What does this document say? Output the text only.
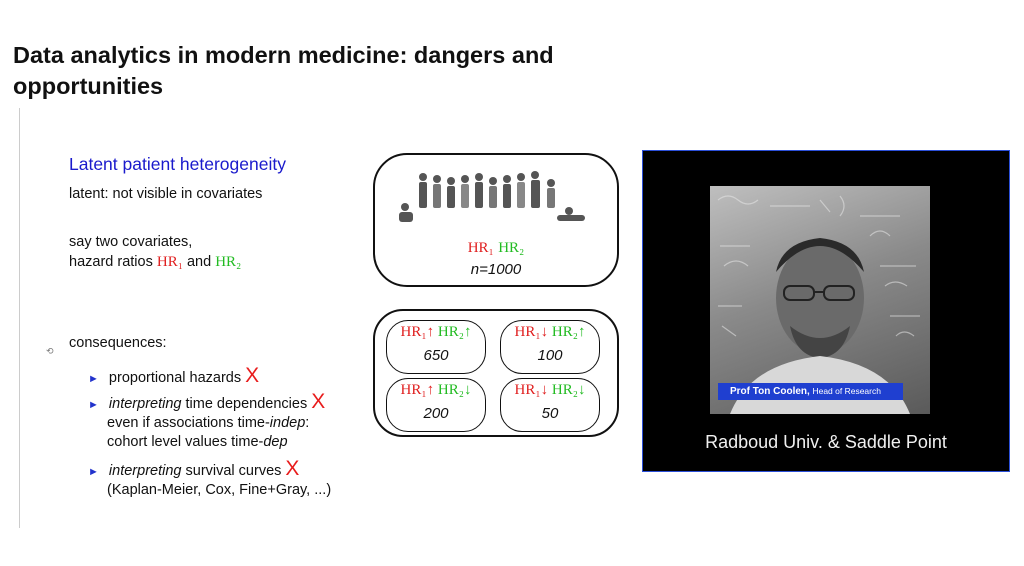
Data analytics in modern medicine: dangers and
opportunities
Latent patient heterogeneity
latent: not visible in covariates
say two covariates,
hazard ratios HR₁ and HR₂
⟲ consequences:
► proportional hazards X
► interpreting time dependencies X
even if associations time-indep:
cohort level values time-dep
► interpreting survival curves X
(Kaplan-Meier, Cox, Fine+Gray, ...)
HR₁ HR₂
n=1000
HR₁↑ HR₂↑
650
HR₁↓ HR₂↑
100
HR₁↑ HR₂↓
200
HR₁↓ HR₂↓
50
Prof Ton Coolen, Head of Research
Radboud Univ. & Saddle Point
